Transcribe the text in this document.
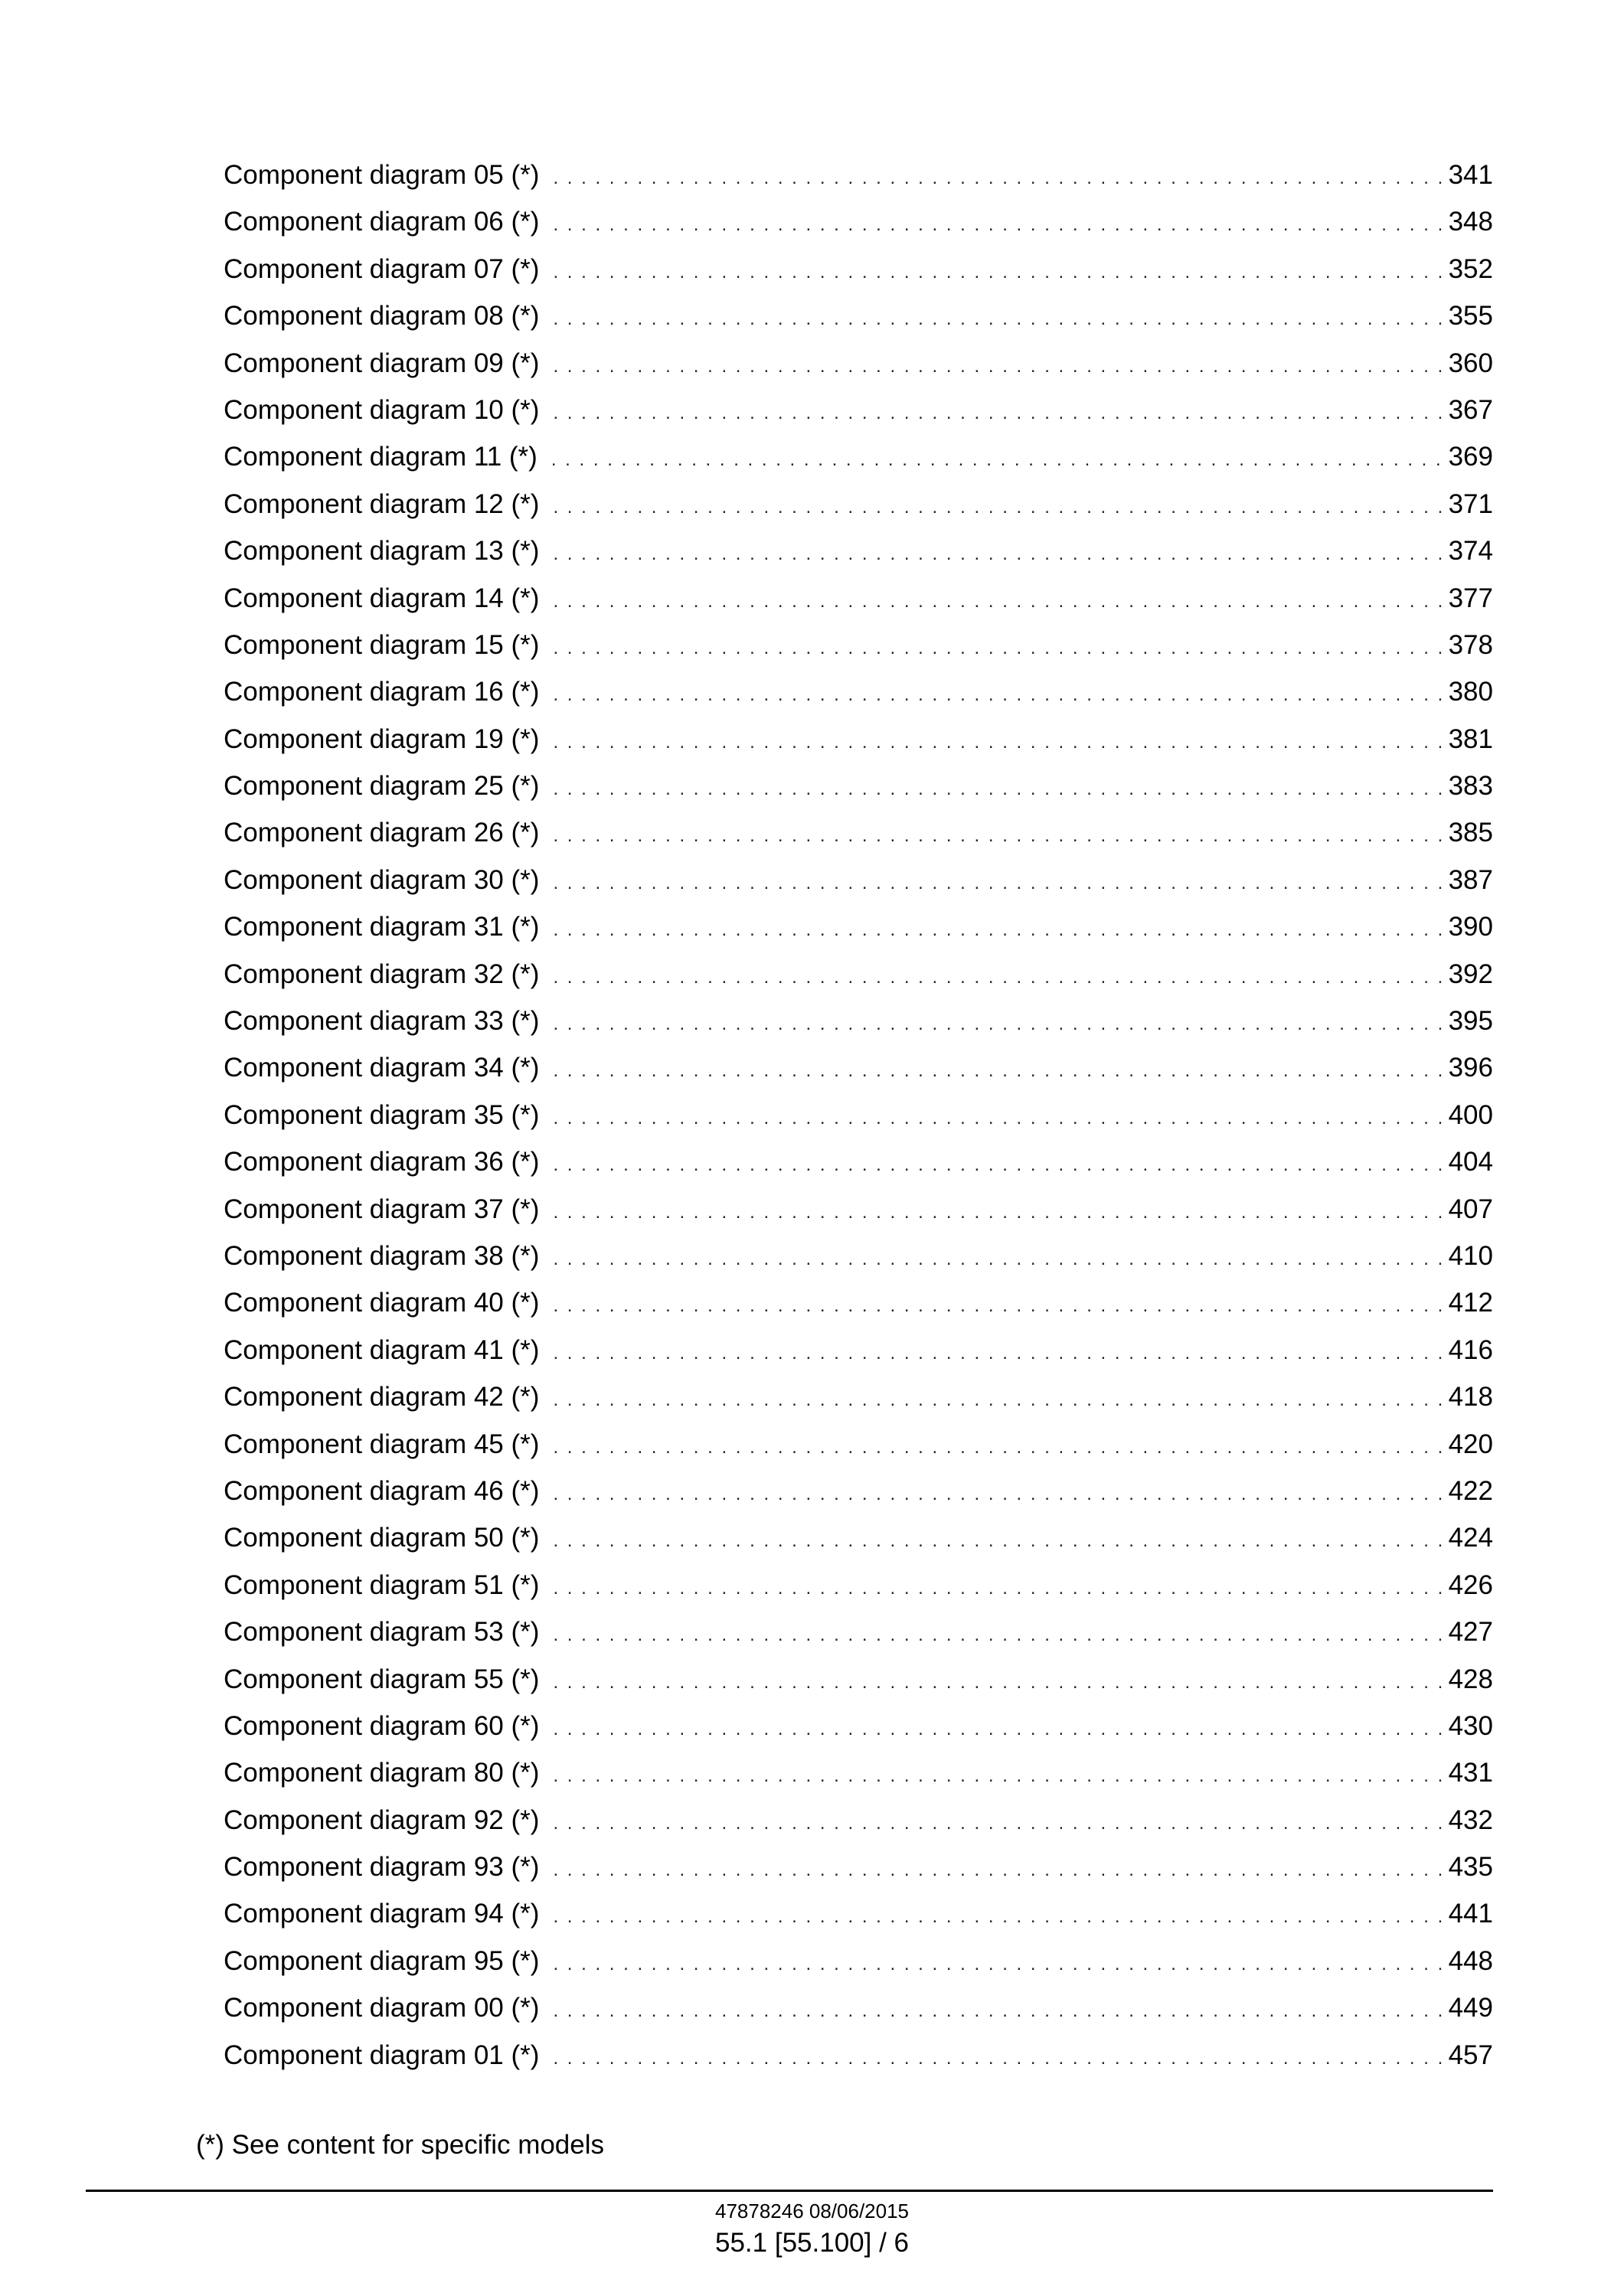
Component diagram 05 (*) . . .	341
Component diagram 06 (*) . . .	348
Component diagram 07 (*) . . .	352
Component diagram 08 (*) . . .	355
Component diagram 09 (*) . . .	360
Component diagram 10 (*) . . .	367
Component diagram 11 (*) . . .	369
Component diagram 12 (*) . . .	371
Component diagram 13 (*) . . .	374
Component diagram 14 (*) . . .	377
Component diagram 15 (*) . . .	378
Component diagram 16 (*) . . .	380
Component diagram 19 (*) . . .	381
Component diagram 25 (*) . . .	383
Component diagram 26 (*) . . .	385
Component diagram 30 (*) . . .	387
Component diagram 31 (*) . . .	390
Component diagram 32 (*) . . .	392
Component diagram 33 (*) . . .	395
Component diagram 34 (*) . . .	396
Component diagram 35 (*) . . .	400
Component diagram 36 (*) . . .	404
Component diagram 37 (*) . . .	407
Component diagram 38 (*) . . .	410
Component diagram 40 (*) . . .	412
Component diagram 41 (*) . . .	416
Component diagram 42 (*) . . .	418
Component diagram 45 (*) . . .	420
Component diagram 46 (*) . . .	422
Component diagram 50 (*) . . .	424
Component diagram 51 (*) . . .	426
Component diagram 53 (*) . . .	427
Component diagram 55 (*) . . .	428
Component diagram 60 (*) . . .	430
Component diagram 80 (*) . . .	431
Component diagram 92 (*) . . .	432
Component diagram 93 (*) . . .	435
Component diagram 94 (*) . . .	441
Component diagram 95 (*) . . .	448
Component diagram 00 (*) . . .	449
Component diagram 01 (*) . . .	457
(*) See content for specific models
47878246 08/06/2015
55.1 [55.100] / 6
